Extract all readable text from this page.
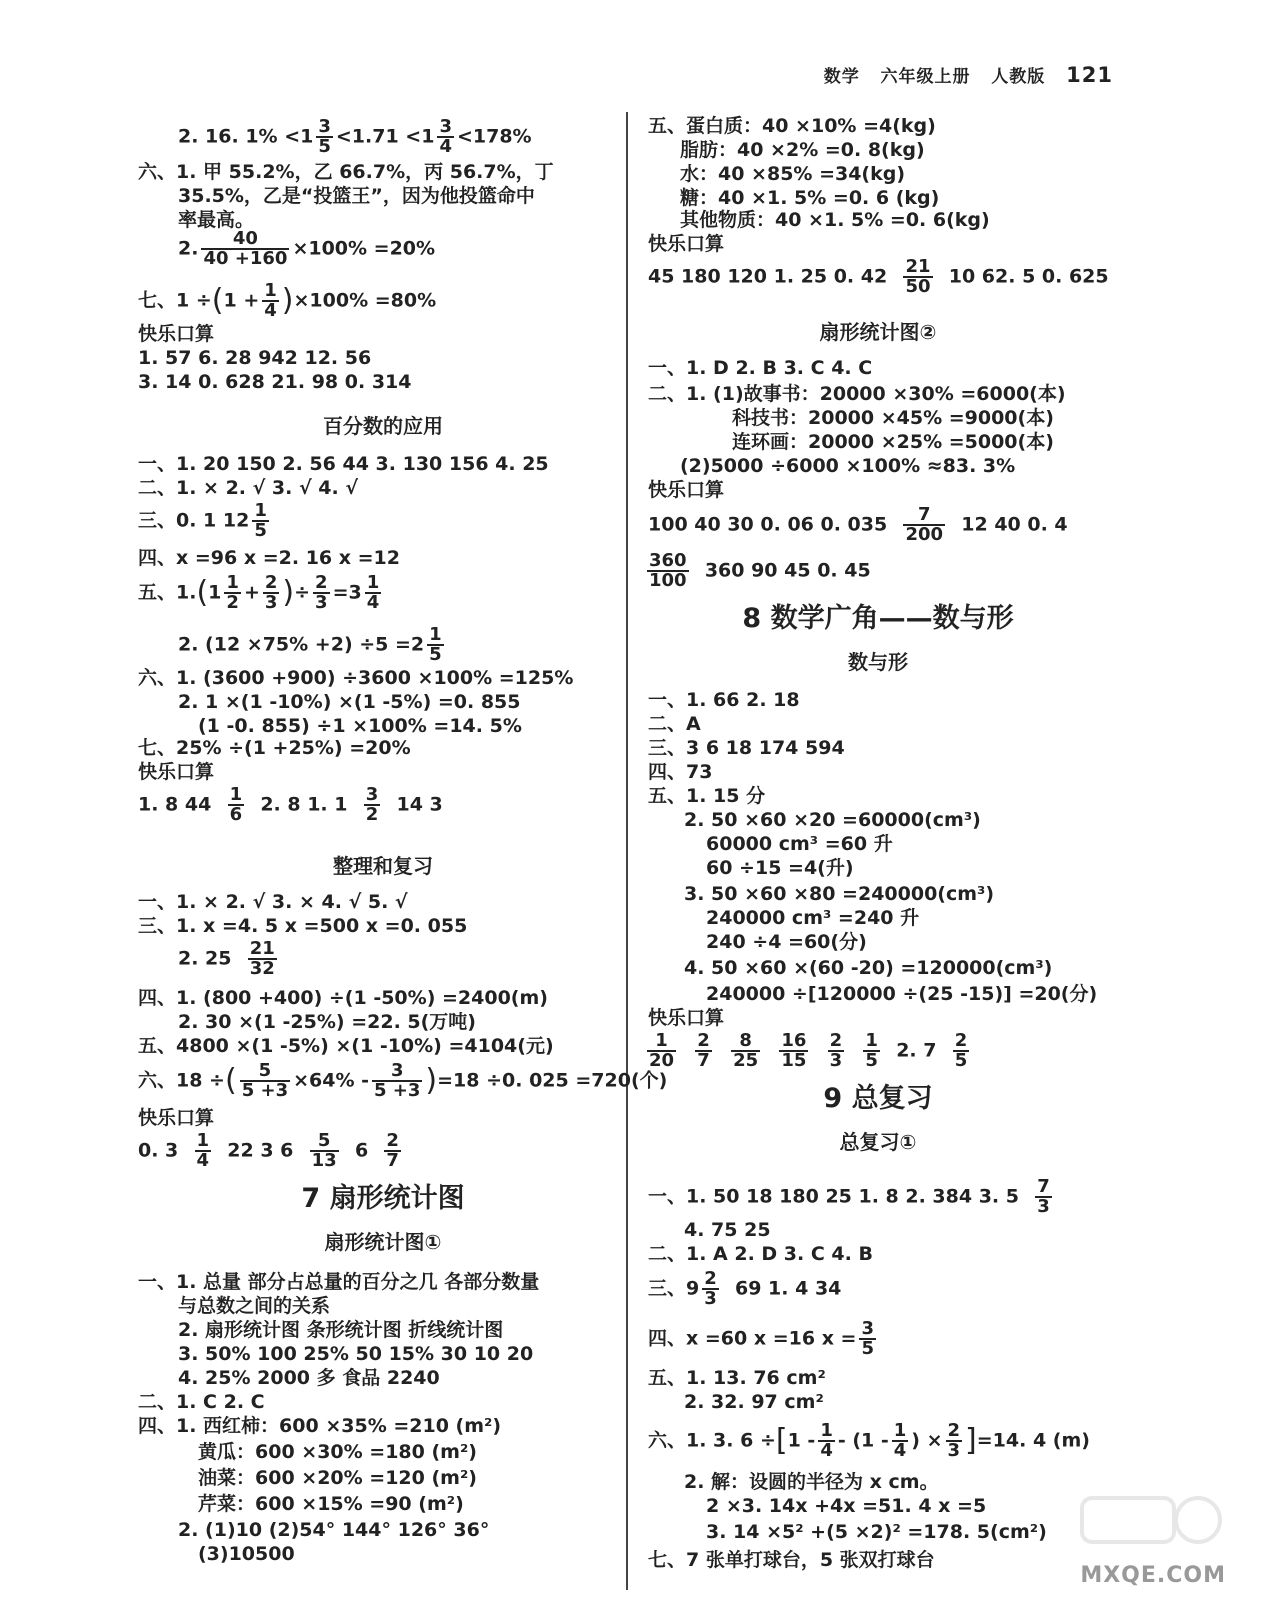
数学 六年级上册 人教版 121
2. 16. $1\% <1 \frac{3}{5} <1.71 <1 \frac{3}{4} <178\%$
六、1. 甲 55.2%，乙 66.7%，丙 56.7%，丁
35.5%，乙是“投篮王”，因为他投篮命中
率最高。
2. $\frac{40}{40 +160} \times 100\% =20\%$
七、$1 \div(1 + \frac{1}{4} )\times 100\% =80\%$
快乐口算
1. 57 6. 28 942 12. 56
3. 14 0. 628 21. 98 0. 314
百分数的应用
一、1. 20 150 2. 56 44 3. 130 156 4. 25
二、1. × 2. √ 3. √ 4. √
三、0. 1 $12 \frac{1}{5}$
四、x =96 x =2. 16 x =12
五、$1.(1 \frac{1}{2} + \frac{2}{3}$ )÷ $\frac{2}{3} =3 \frac{1}{4}$
2. $(12 \times 75\% +2) \div 5 =2 \frac{1}{5}$
六、1. (3600 +900) ÷3600 ×100% =125%
2. 1 ×(1 -10%) ×(1 -5%) =0. 855
(1 -0. 855) ÷1 ×100% =14. 5%
七、25% ÷(1 +25%) =20%
快乐口算
1. 8 $44 \frac{1}{6} 2$. 8 1. $1 \frac{3}{2} 14$ 3
整理和复习
一、1. × 2. √ 3. × 4. √ 5. √
三、1. x =4. 5 x =500 x =0. 055
2. $25 \frac{21}{32}$
四、1. (800 +400) ÷(1 -50%) =2400(m)
2. 30 ×(1 -25%) =22. 5(万吨)
五、4800 ×(1 -5%) ×(1 -10%) =4104(元)
六、18 ÷( $\frac{5}{5 +3} \times 64\% - \frac{3}{5 +3} )=18 \div 0$. 025 =720(个)
快乐口算
0. $3 \frac{1}{4} 22$ 3 $6 \frac{5}{13} 6 \frac{2}{7}$
7 扇形统计图
扇形统计图①
一、1. 总量 部分占总量的百分之几 各部分数量
与总数之间的关系
2. 扇形统计图 条形统计图 折线统计图
3. 50% 100 25% 50 15% 30 10 20
4. 25% 2000 多 食品 2240
二、1. C 2. C
四、1. 西红柿：600 ×35% =210 (m²)
黄瓜：600 ×30% =180 (m²)
油菜：600 ×20% =120 (m²)
芹菜：600 ×15% =90 (m²)
2. (1)10 (2)54° 144° 126° 36°
(3)10500
五、蛋白质：40 ×10% =4(kg)
脂肪：40 ×2% =0. 8(kg)
水：40 ×85% =34(kg)
糖：40 ×1. 5% =0. 6 (kg)
其他物质：40 ×1. 5% =0. 6(kg)
快乐口算
45 180 120 1. 25 0. $42 \frac{21}{50} 10$ 62. 5 0. 625
扇形统计图②
一、1. D 2. B 3. C 4. C
二、1. (1)故事书：20000 ×30% =6000(本)
科技书：20000 ×45% =9000(本)
连环画：20000 ×25% =5000(本)
(2)5000 ÷6000 ×100% ≈83. 3%
快乐口算
100 40 30 0. 06 0. $035 \frac{7}{200} 12$ 40 0. 4
$\frac{360}{100} 360$ 90 45 0. 45
8 数学广角——数与形
数与形
一、1. 66 2. 18
二、A
三、3 6 18 174 594
四、73
五、1. 15 分
2. 50 ×60 ×20 =60000(cm³)
60000 cm³ =60 升
60 ÷15 =4(升)
3. 50 ×60 ×80 =240000(cm³)
240000 cm³ =240 升
240 ÷4 =60(分)
4. 50 ×60 ×(60 -20) =120000(cm³)
240000 ÷[120000 ÷(25 -15)] =20(分)
快乐口算
$\frac{1}{20}$
$\frac{2}{7}$
$\frac{8}{25}$
$\frac{16}{15}$
$\frac{2}{3}$
$\frac{1}{5} 2$. $7 \frac{2}{5}$
9 总复习
总复习①
一、1. 50 18 180 25 1. 8 2. 384 3. $5 \frac{7}{3}$
4. 75 25
二、1. A 2. D 3. C 4. B
三、$9 \frac{2}{3} 69$ 1. 4 34
四、x =60 x =16 $x = \frac{3}{5}$
五、1. 13. 76 cm²
2. 32. 97 cm²
六、1. 3. $6 \div[1 - \frac{1}{4} - (1 - \frac{1}{4}$ ) × $\frac{2}{3} ]=14$. 4 (m)
2. 解：设圆的半径为 x cm。
2 ×3. 14x +4x =51. 4 x =5
3. 14 ×5² +(5 ×2)² =178. 5(cm²)
七、7 张单打球台，5 张双打球台
MXQE.COM
